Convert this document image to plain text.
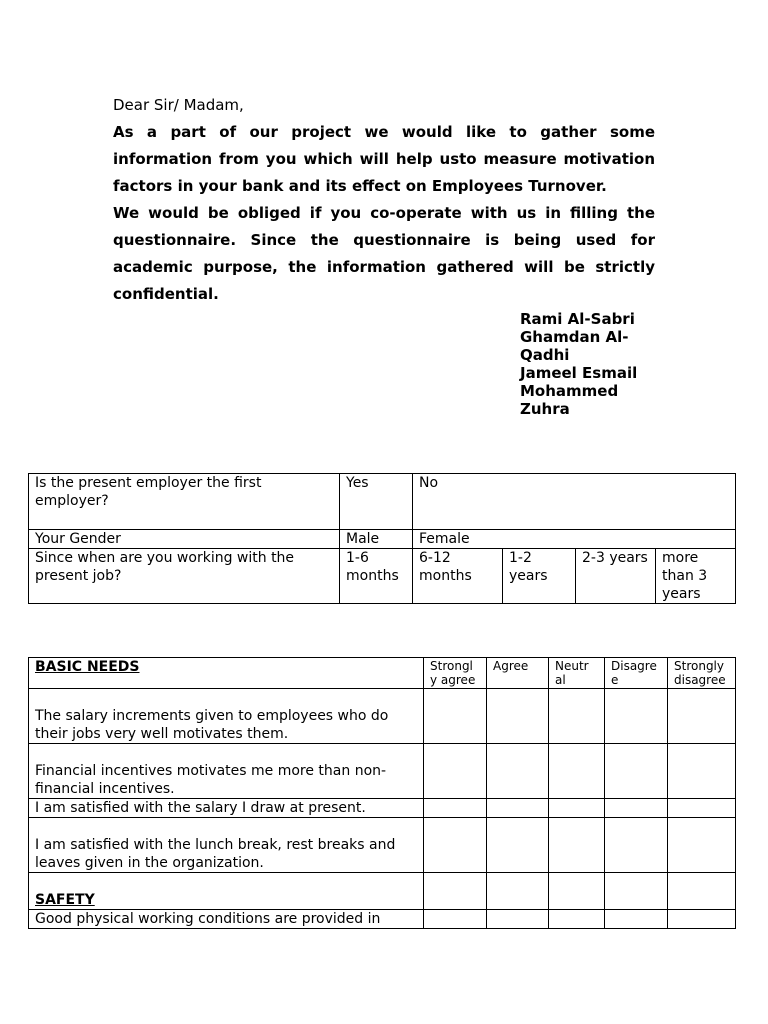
Dear Sir/ Madam,

As a part of our project we would like to gather some information from you which will help usto measure motivation factors in your bank and its effect on Employees Turnover.

We would be obliged if you co-operate with us in filling the questionnaire. Since the questionnaire is being used for academic purpose, the information gathered will be strictly confidential.

Rami Al-Sabri
Ghamdan Al-
Qadhi
Jameel Esmail
Mohammed
Zuhra
Is the present employer the first employer?	Yes	No			
Your Gender	Male	Female			
Since when are you working with the present job?	1-6 months	6-12 months	1-2 years	2-3 years	more than 3 years
BASIC NEEDS	Strongl y agree	Agree	Neutr al	Disagre e	Strongly disagree
The salary increments given to employees who do their jobs very well motivates them.					
Financial incentives motivates me more than non-financial incentives.					
I am satisfied with the salary I draw at present.					
I am satisfied with the lunch break, rest breaks and leaves given in the organization.					
SAFETY					
Good physical working conditions are provided in					
